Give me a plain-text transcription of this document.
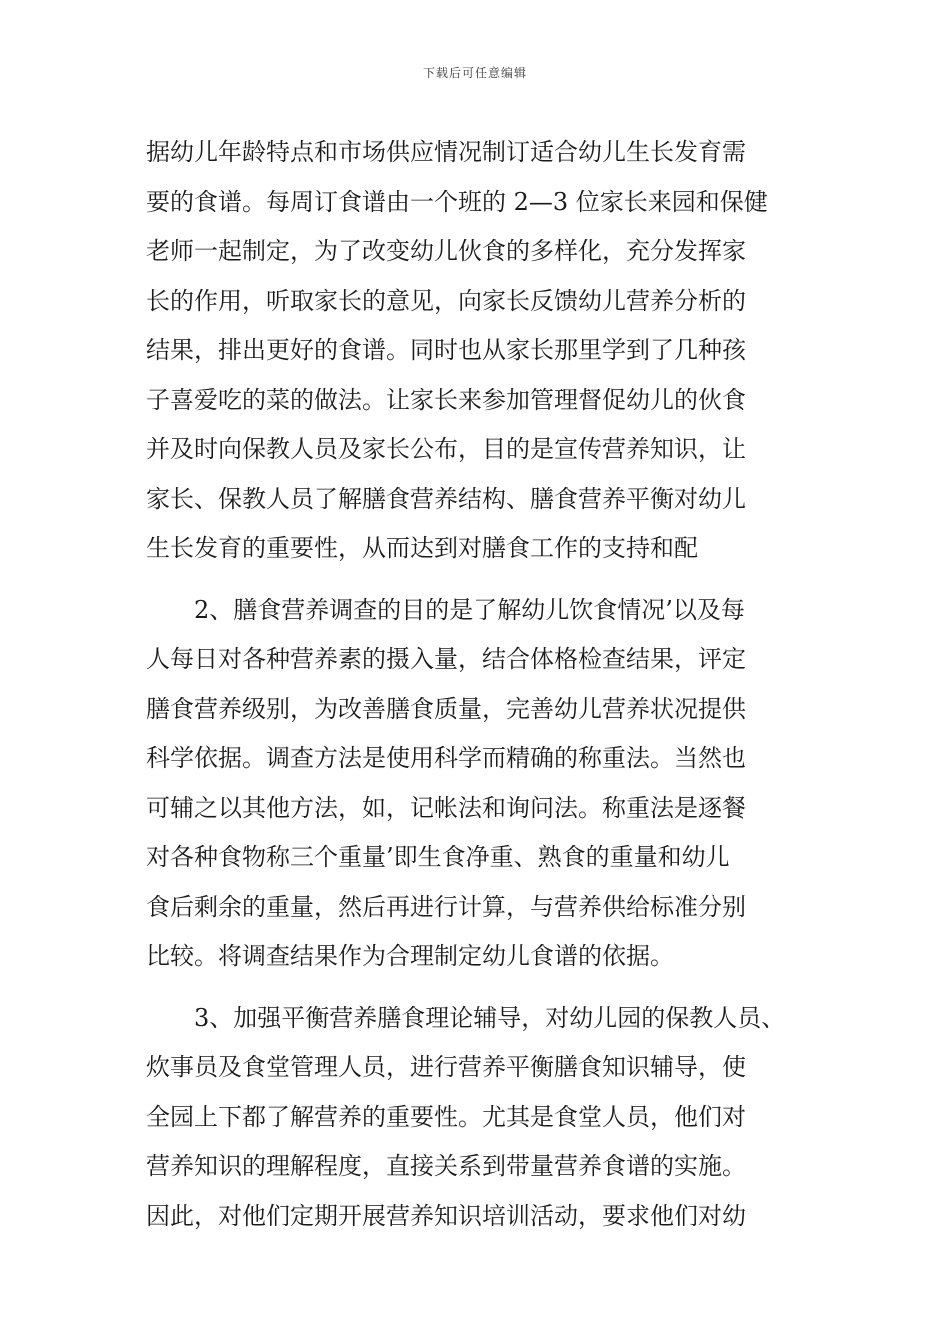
下载后可任意编辑
据幼儿年龄特点和市场供应情况制订适合幼儿生长发育需
要的食谱。每周订食谱由一个班的 2—3 位家长来园和保健
老师一起制定，为了改变幼儿伙食的多样化，充分发挥家
长的作用，听取家长的意见，向家长反馈幼儿营养分析的
结果，排出更好的食谱。同时也从家长那里学到了几种孩
子喜爱吃的菜的做法。让家长来参加管理督促幼儿的伙食
并及时向保教人员及家长公布，目的是宣传营养知识，让
家长、保教人员了解膳食营养结构、膳食营养平衡对幼儿
生长发育的重要性，从而达到对膳食工作的支持和配
　　2、膳食营养调查的目的是了解幼儿饮食情况’以及每
人每日对各种营养素的摄入量，结合体格检查结果，评定
膳食营养级别，为改善膳食质量，完善幼儿营养状况提供
科学依据。调查方法是使用科学而精确的称重法。当然也
可辅之以其他方法，如，记帐法和询问法。称重法是逐餐
对各种食物称三个重量’即生食净重、熟食的重量和幼儿
食后剩余的重量，然后再进行计算，与营养供给标准分别
比较。将调查结果作为合理制定幼儿食谱的依据。
　　3、加强平衡营养膳食理论辅导，对幼儿园的保教人员、
炊事员及食堂管理人员，进行营养平衡膳食知识辅导，使
全园上下都了解营养的重要性。尤其是食堂人员，他们对
营养知识的理解程度，直接关系到带量营养食谱的实施。
因此，对他们定期开展营养知识培训活动，要求他们对幼
